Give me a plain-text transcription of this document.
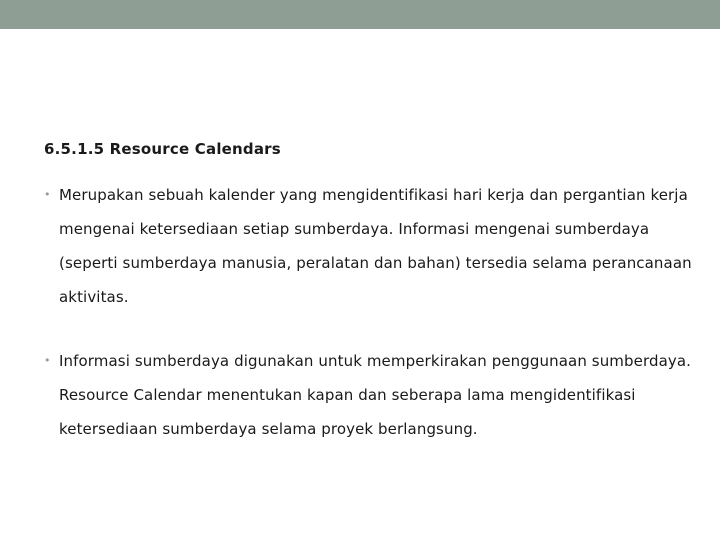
6.5.1.5 Resource Calendars
• Merupakan sebuah kalender yang mengidentifikasi hari kerja dan pergantian kerja mengenai ketersediaan setiap sumberdaya. Informasi mengenai sumberdaya (seperti sumberdaya manusia, peralatan dan bahan) tersedia selama perancanaan aktivitas.
• Informasi sumberdaya digunakan untuk memperkirakan penggunaan sumberdaya. Resource Calendar menentukan kapan dan seberapa lama mengidentifikasi ketersediaan sumberdaya selama proyek berlangsung.
